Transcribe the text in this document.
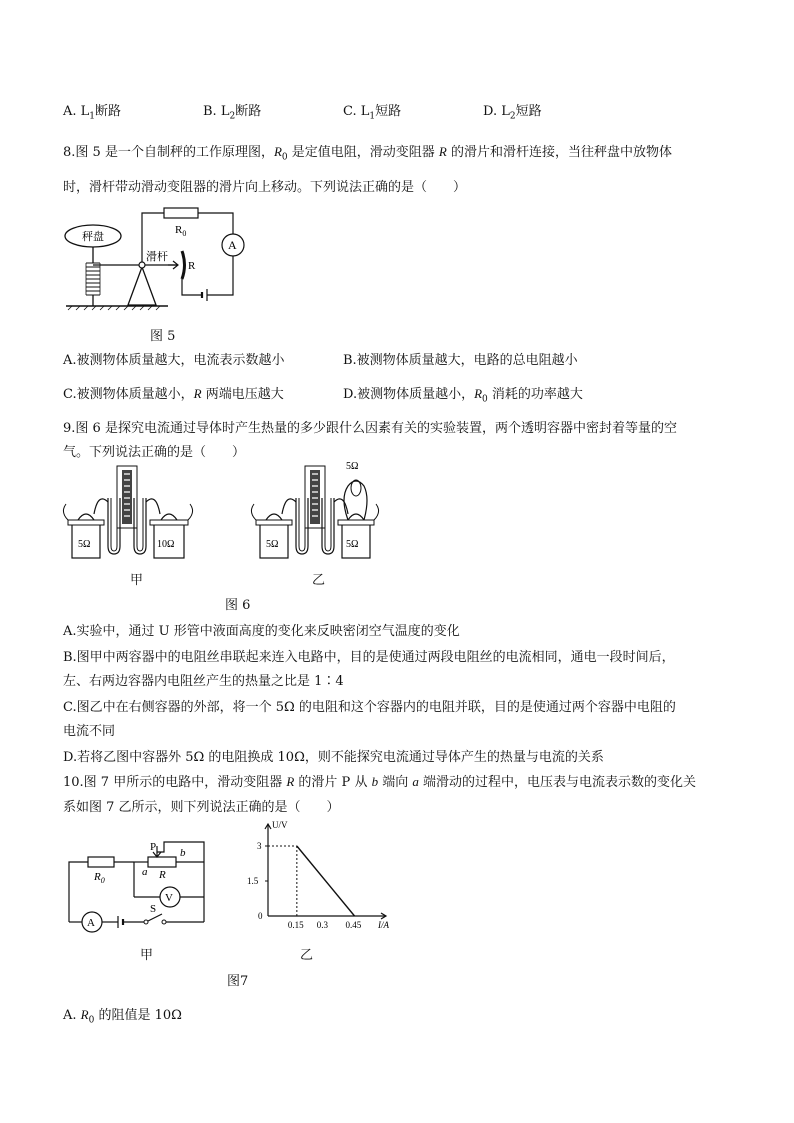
A. $L_1$断路	B. $L_2$断路	C. $L_1$短路	D. $L_2$短路
8.图 5 是一个自制秤的工作原理图，$R_0$ 是定值电阻，滑动变阻器 R 的滑片和滑杆连接，当往秤盘中放物体
时，滑杆带动滑动变阻器的滑片向上移动。下列说法正确的是（　　）
秤盘
滑杆
R
$R_0$
A
图 5
A.被测物体质量越大，电流表示数越小	B.被测物体质量越大，电路的总电阻越小
C.被测物体质量越小，R 两端电压越大	D.被测物体质量越小，$R_0$ 消耗的功率越大
9.图 6 是探究电流通过导体时产生热量的多少跟什么因素有关的实验装置，两个透明容器中密封着等量的空
气。下列说法正确的是（　　）
5Ω	10Ω
甲
5Ω
5Ω
5Ω
乙
图 6
A.实验中，通过 U 形管中液面高度的变化来反映密闭空气温度的变化
B.图甲中两容器中的电阻丝串联起来连入电路中，目的是使通过两段电阻丝的电流相同，通电一段时间后，
左、右两边容器内电阻丝产生的热量之比是 1∶4
C.图乙中在右侧容器的外部，将一个 5Ω 的电阻和这个容器内的电阻并联，目的是使通过两个容器中电阻的
电流不同
D.若将乙图中容器外 5Ω 的电阻换成 10Ω，则不能探究电流通过导体产生的热量与电流的关系
10.图 7 甲所示的电路中，滑动变阻器 R 的滑片 P 从 b 端向 a 端滑动的过程中，电压表与电流表示数的变化关
系如图 7 乙所示，则下列说法正确的是（　　）
$R_0$
P
a
b
R
V
A
S
甲
U/V
I/A
0
0.15 0.3 0.45
3
1.5
乙
图7
A. $R_0$ 的阻值是 10Ω
